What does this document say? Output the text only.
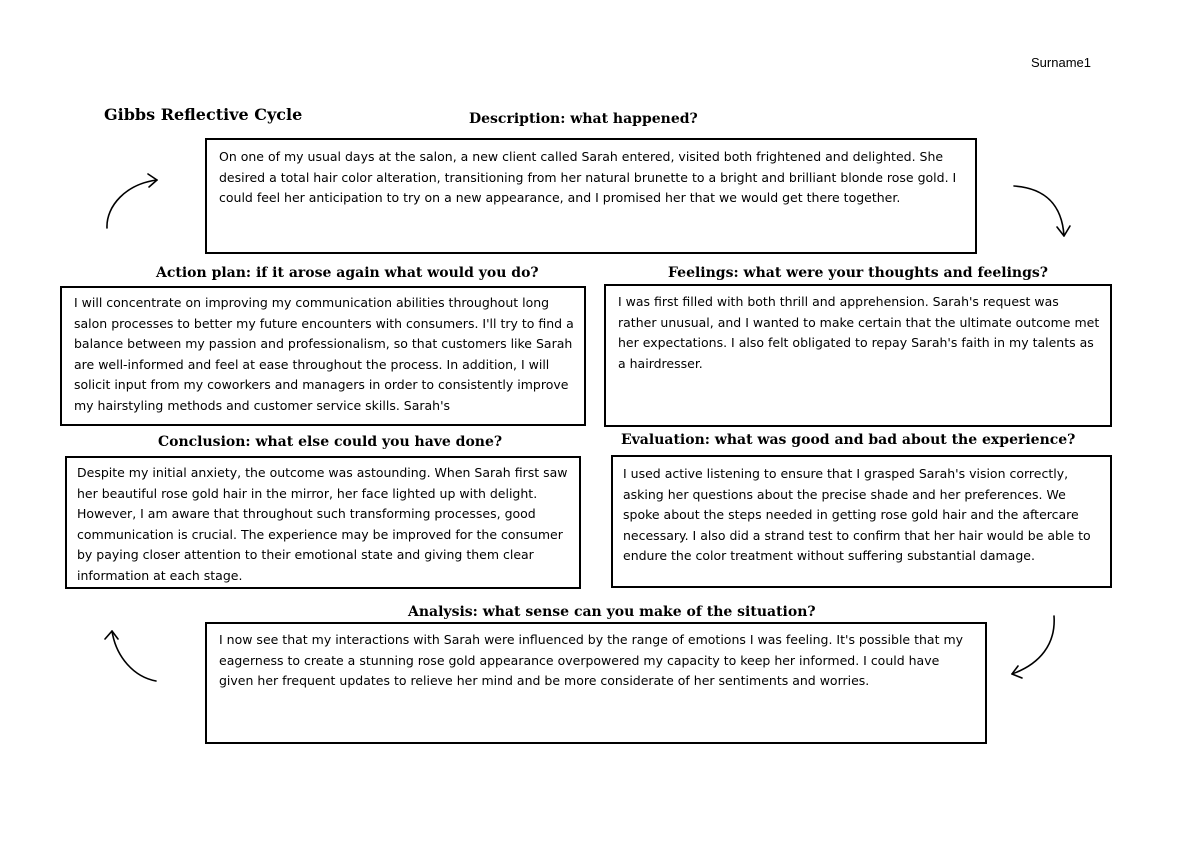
Surname1
Gibbs Reflective Cycle	Description: what happened?

On one of my usual days at the salon, a new client called Sarah entered, visited both frightened and delighted. She desired a total hair color alteration, transitioning from her natural brunette to a bright and brilliant blonde rose gold. I could feel her anticipation to try on a new appearance, and I promised her that we would get there together.

Action plan: if it arose again what would you do?

I will concentrate on improving my communication abilities throughout long salon processes to better my future encounters with consumers. I'll try to find a balance between my passion and professionalism, so that customers like Sarah are well-informed and feel at ease throughout the process. In addition, I will solicit input from my coworkers and managers in order to consistently improve my hairstyling methods and customer service skills. Sarah's

Feelings: what were your thoughts and feelings?

I was first filled with both thrill and apprehension. Sarah's request was rather unusual, and I wanted to make certain that the ultimate outcome met her expectations. I also felt obligated to repay Sarah's faith in my talents as a hairdresser.

Conclusion: what else could you have done?

Despite my initial anxiety, the outcome was astounding. When Sarah first saw her beautiful rose gold hair in the mirror, her face lighted up with delight. However, I am aware that throughout such transforming processes, good communication is crucial. The experience may be improved for the consumer by paying closer attention to their emotional state and giving them clear information at each stage.

Evaluation: what was good and bad about the experience?

I used active listening to ensure that I grasped Sarah's vision correctly, asking her questions about the precise shade and her preferences. We spoke about the steps needed in getting rose gold hair and the aftercare necessary. I also did a strand test to confirm that her hair would be able to endure the color treatment without suffering substantial damage.

Analysis: what sense can you make of the situation?

I now see that my interactions with Sarah were influenced by the range of emotions I was feeling. It's possible that my eagerness to create a stunning rose gold appearance overpowered my capacity to keep her informed. I could have given her frequent updates to relieve her mind and be more considerate of her sentiments and worries.
